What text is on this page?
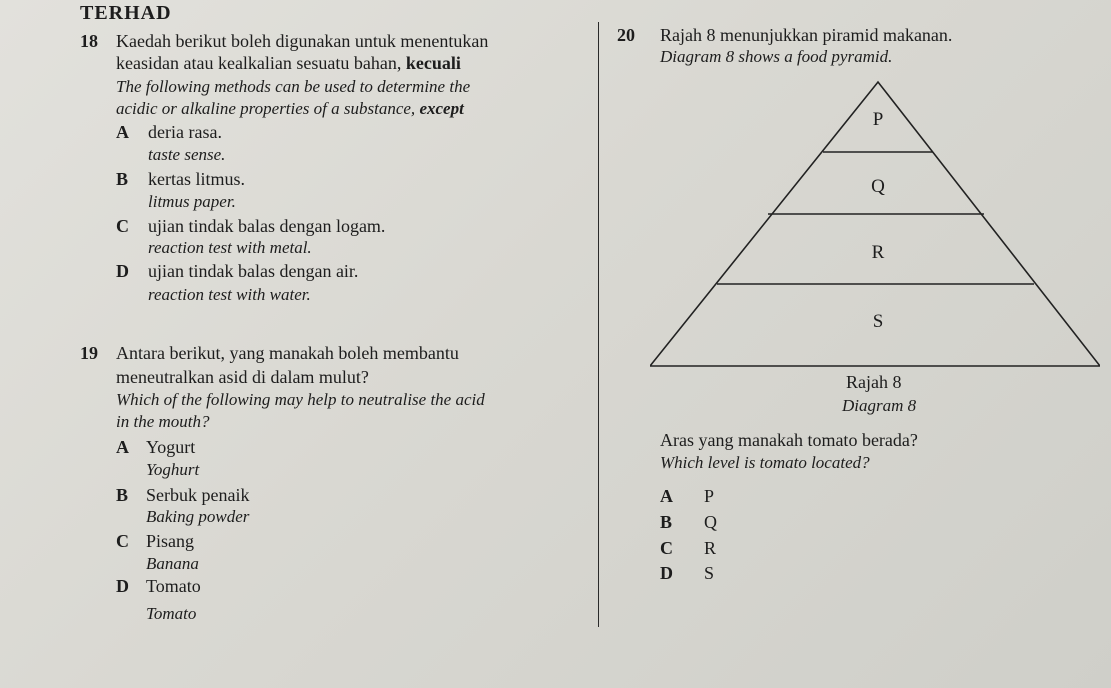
TERHAD
18 Kaedah berikut boleh digunakan untuk menentukan
keasidan atau kealkalian sesuatu bahan, kecuali
The following methods can be used to determine the
acidic or alkaline properties of a substance, except
A deria rasa.
taste sense.
B kertas litmus.
litmus paper.
C ujian tindak balas dengan logam.
reaction test with metal.
D ujian tindak balas dengan air.
reaction test with water.
19 Antara berikut, yang manakah boleh membantu
meneutralkan asid di dalam mulut?
Which of the following may help to neutralise the acid
in the mouth?
A Yogurt
Yoghurt
B Serbuk penaik
Baking powder
C Pisang
Banana
D Tomato
Tomato
20 Rajah 8 menunjukkan piramid makanan.
Diagram 8 shows a food pyramid.
P
Q
R
S
Rajah 8
Diagram 8
Aras yang manakah tomato berada?
Which level is tomato located?
A P
B Q
C R
D S
